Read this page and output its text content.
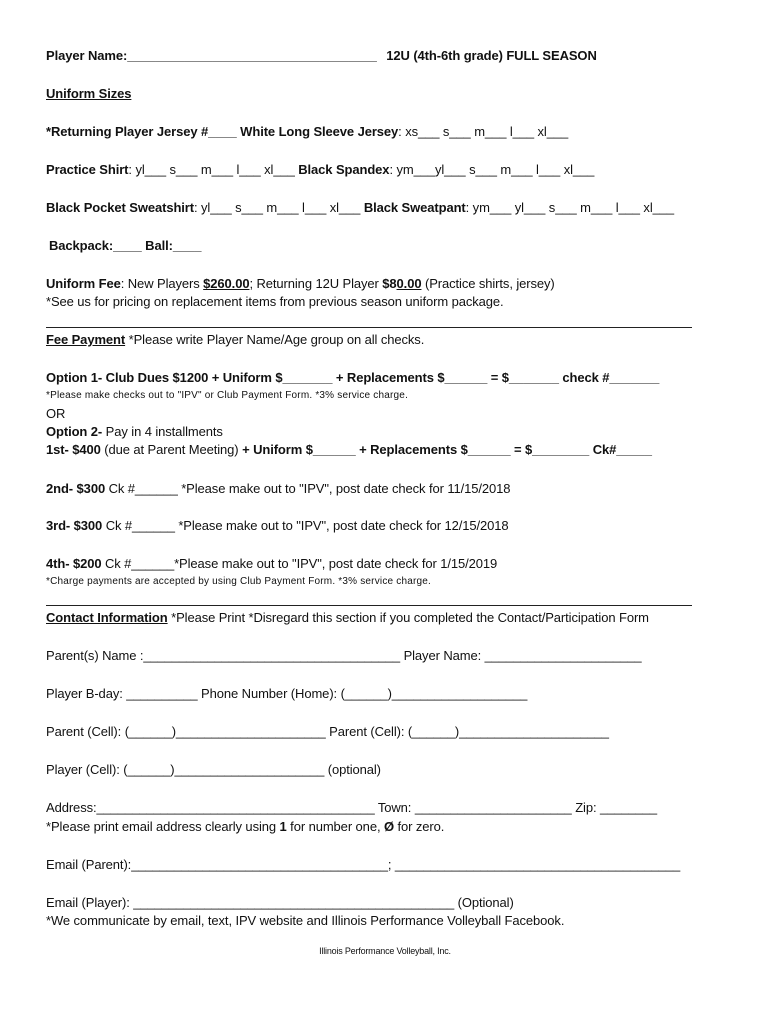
Player Name:___________________________________ 12U (4th-6th grade) FULL SEASON
Uniform Sizes
*Returning Player Jersey #____ White Long Sleeve Jersey: xs___ s___ m___ l___ xl___
Practice Shirt: yl___ s___ m___ l___ xl___ Black Spandex: ym___yl___ s___ m___ l___ xl___
Black Pocket Sweatshirt: yl___ s___ m___ l___ xl___ Black Sweatpant: ym___ yl___ s___ m___ l___ xl___
Backpack:____ Ball:____
Uniform Fee: New Players $260.00; Returning 12U Player $80.00 (Practice shirts, jersey)
*See us for pricing on replacement items from previous season uniform package.
Fee Payment *Please write Player Name/Age group on all checks.
Option 1- Club Dues $1200 + Uniform $_______ + Replacements $______ = $_______ check #_______
*Please make checks out to "IPV" or Club Payment Form. *3% service charge.
OR
Option 2- Pay in 4 installments
1st- $400 (due at Parent Meeting) + Uniform $______ + Replacements $______ = $________ Ck#_____
2nd- $300 Ck #______ *Please make out to "IPV", post date check for 11/15/2018
3rd- $300 Ck #______ *Please make out to "IPV", post date check for 12/15/2018
4th- $200 Ck #______*Please make out to "IPV", post date check for 1/15/2019
*Charge payments are accepted by using Club Payment Form. *3% service charge.
Contact Information *Please Print *Disregard this section if you completed the Contact/Participation Form
Parent(s) Name :____________________________________ Player Name: ______________________
Player B-day: __________ Phone Number (Home): (______)___________________
Parent (Cell): (______)_____________________ Parent (Cell): (______)_____________________
Player (Cell): (______)_____________________ (optional)
Address:_______________________________________ Town: ______________________ Zip: ________
*Please print email address clearly using 1 for number one, Ø for zero.
Email (Parent):____________________________________; ________________________________________
Email (Player): _____________________________________________ (Optional)
*We communicate by email, text, IPV website and Illinois Performance Volleyball Facebook.
Illinois Performance Volleyball, Inc.
